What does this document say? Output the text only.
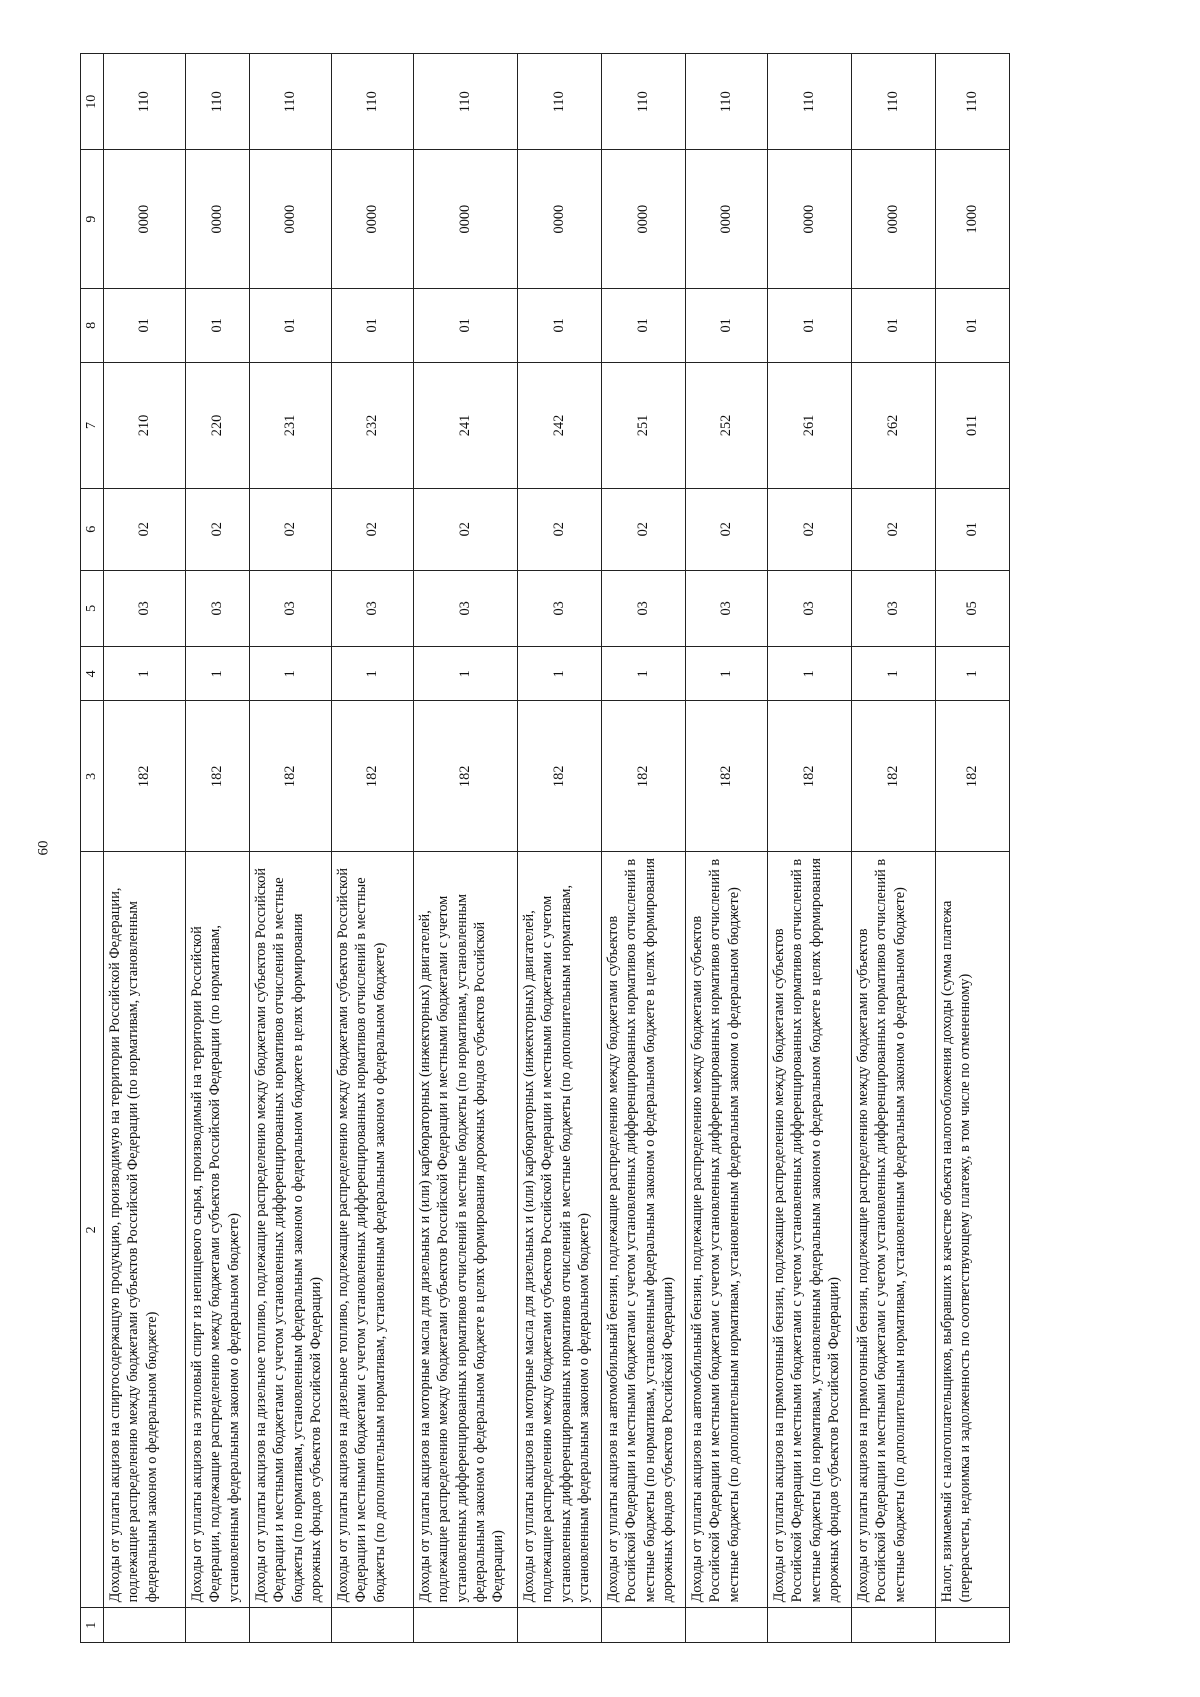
60
1	2	3	4	5	6	7	8	9	10
	Доходы от уплаты акцизов на спиртосодержащую продукцию, производимую на территории Российской Федерации, подлежащие распределению между бюджетами субъектов Российской Федерации (по нормативам, установленным федеральным законом о федеральном бюджете)	182	1	03	02	210	01	0000	110
	Доходы от уплаты акцизов на этиловый спирт из непищевого сырья, производимый на территории Российской Федерации, подлежащие распределению между бюджетами субъектов Российской Федерации (по нормативам, установленным федеральным законом о федеральном бюджете)	182	1	03	02	220	01	0000	110
	Доходы от уплаты акцизов на дизельное топливо, подлежащие распределению между бюджетами субъектов Российской Федерации и местными бюджетами с учетом установленных дифференцированных нормативов отчислений в местные бюджеты (по нормативам, установленным федеральным законом о федеральном бюджете в целях формирования дорожных фондов субъектов Российской Федерации)	182	1	03	02	231	01	0000	110
	Доходы от уплаты акцизов на дизельное топливо, подлежащие распределению между бюджетами субъектов Российской Федерации и местными бюджетами с учетом установленных дифференцированных нормативов отчислений в местные бюджеты (по дополнительным нормативам, установленным федеральным законом о федеральном бюджете)	182	1	03	02	232	01	0000	110
	Доходы от уплаты акцизов на моторные масла для дизельных и (или) карбюраторных (инжекторных) двигателей, подлежащие распределению между бюджетами субъектов Российской Федерации и местными бюджетами с учетом установленных дифференцированных нормативов отчислений в местные бюджеты (по нормативам, установленным федеральным законом о федеральном бюджете в целях формирования дорожных фондов субъектов Российской Федерации)	182	1	03	02	241	01	0000	110
	Доходы от уплаты акцизов на моторные масла для дизельных и (или) карбюраторных (инжекторных) двигателей, подлежащие распределению между бюджетами субъектов Российской Федерации и местными бюджетами с учетом установленных дифференцированных нормативов отчислений в местные бюджеты (по дополнительным нормативам, установленным федеральным законом о федеральном бюджете)	182	1	03	02	242	01	0000	110
	Доходы от уплаты акцизов на автомобильный бензин, подлежащие распределению между бюджетами субъектов Российской Федерации и местными бюджетами с учетом установленных дифференцированных нормативов отчислений в местные бюджеты (по нормативам, установленным федеральным законом о федеральном бюджете в целях формирования дорожных фондов субъектов Российской Федерации)	182	1	03	02	251	01	0000	110
	Доходы от уплаты акцизов на автомобильный бензин, подлежащие распределению между бюджетами субъектов Российской Федерации и местными бюджетами с учетом установленных дифференцированных нормативов отчислений в местные бюджеты (по дополнительным нормативам, установленным федеральным законом о федеральном бюджете)	182	1	03	02	252	01	0000	110
	Доходы от уплаты акцизов на прямогонный бензин, подлежащие распределению между бюджетами субъектов Российской Федерации и местными бюджетами с учетом установленных дифференцированных нормативов отчислений в местные бюджеты (по нормативам, установленным федеральным законом о федеральном бюджете в целях формирования дорожных фондов субъектов Российской Федерации)	182	1	03	02	261	01	0000	110
	Доходы от уплаты акцизов на прямогонный бензин, подлежащие распределению между бюджетами субъектов Российской Федерации и местными бюджетами с учетом установленных дифференцированных нормативов отчислений в местные бюджеты (по дополнительным нормативам, установленным федеральным законом о федеральном бюджете)	182	1	03	02	262	01	0000	110
	Налог, взимаемый с налогоплательщиков, выбравших в качестве объекта налогообложения доходы (сумма платежа (перерасчеты, недоимка и задолженность по соответствующему платежу, в том числе по отмененному)	182	1	05	01	011	01	1000	110
